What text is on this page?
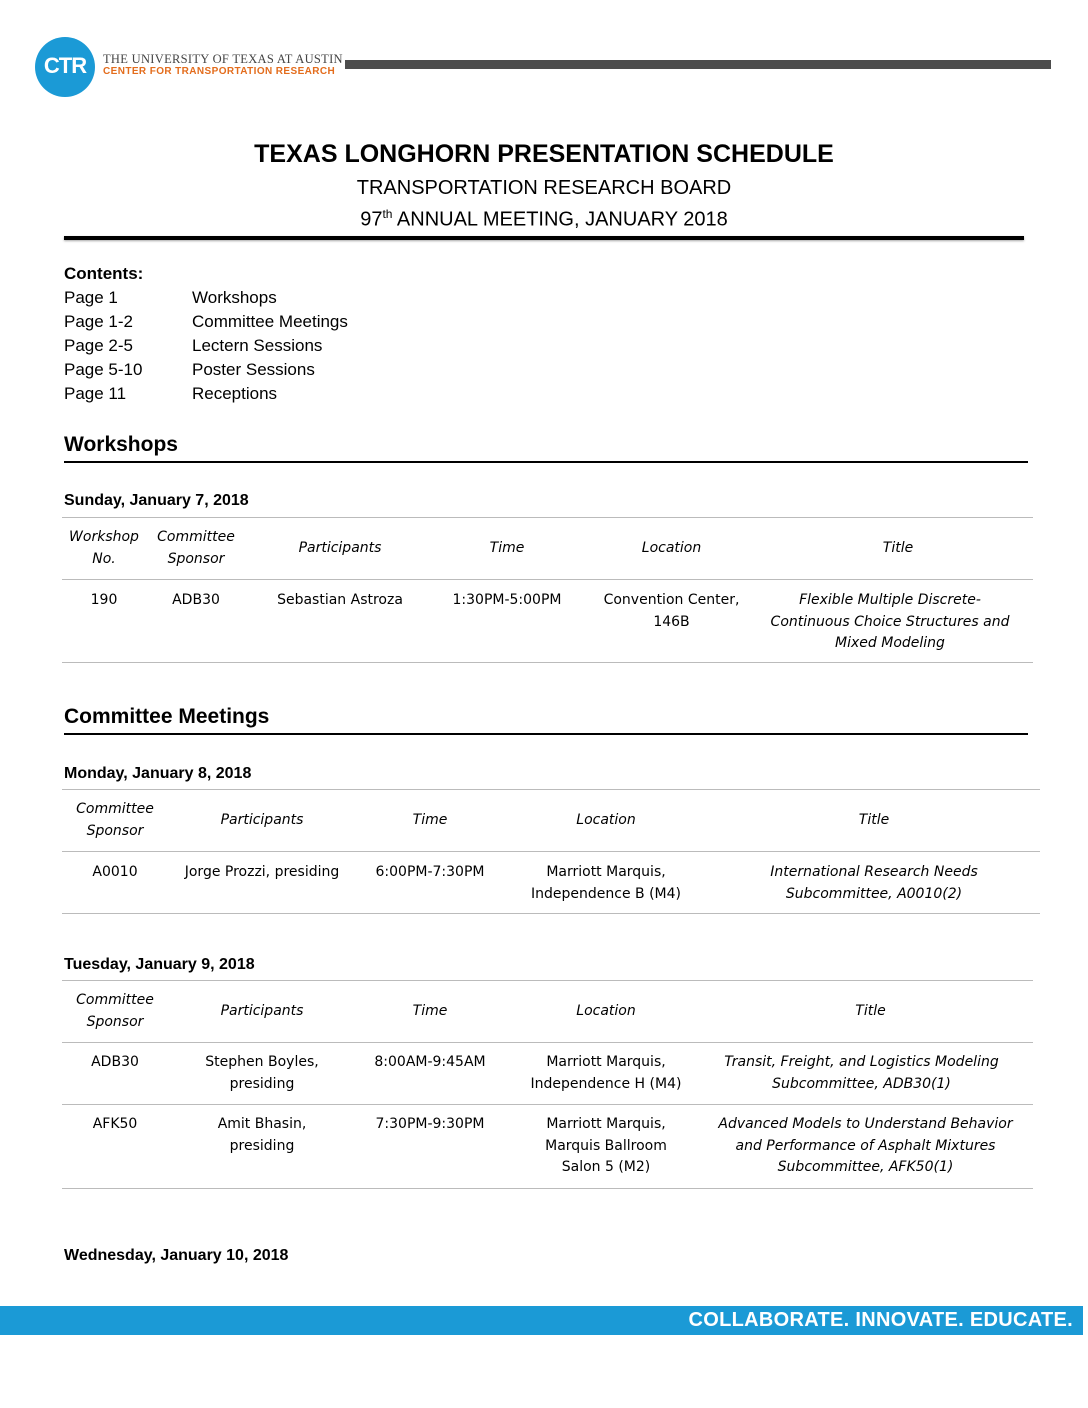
CTR	THE UNIVERSITY OF TEXAS AT AUSTIN
CENTER FOR TRANSPORTATION RESEARCH
TEXAS LONGHORN PRESENTATION SCHEDULE
TRANSPORTATION RESEARCH BOARD
97th ANNUAL MEETING, JANUARY 2018
Contents:
Page 1	Workshops
Page 1-2	Committee Meetings
Page 2-5	Lectern Sessions
Page 5-10	Poster Sessions
Page 11	Receptions
Workshops
Sunday, January 7, 2018
Workshop No.	Committee Sponsor	Participants	Time	Location	Title
190	ADB30	Sebastian Astroza	1:30PM-5:00PM	Convention Center, 146B	Flexible Multiple Discrete-Continuous Choice Structures and Mixed Modeling
Committee Meetings
Monday, January 8, 2018
Committee Sponsor	Participants	Time	Location	Title
A0010	Jorge Prozzi, presiding	6:00PM-7:30PM	Marriott Marquis, Independence B (M4)	International Research Needs Subcommittee, A0010(2)
Tuesday, January 9, 2018
Committee Sponsor	Participants	Time	Location	Title
ADB30	Stephen Boyles, presiding	8:00AM-9:45AM	Marriott Marquis, Independence H (M4)	Transit, Freight, and Logistics Modeling Subcommittee, ADB30(1)
AFK50	Amit Bhasin, presiding	7:30PM-9:30PM	Marriott Marquis, Marquis Ballroom Salon 5 (M2)	Advanced Models to Understand Behavior and Performance of Asphalt Mixtures Subcommittee, AFK50(1)
Wednesday, January 10, 2018
COLLABORATE. INNOVATE. EDUCATE.
